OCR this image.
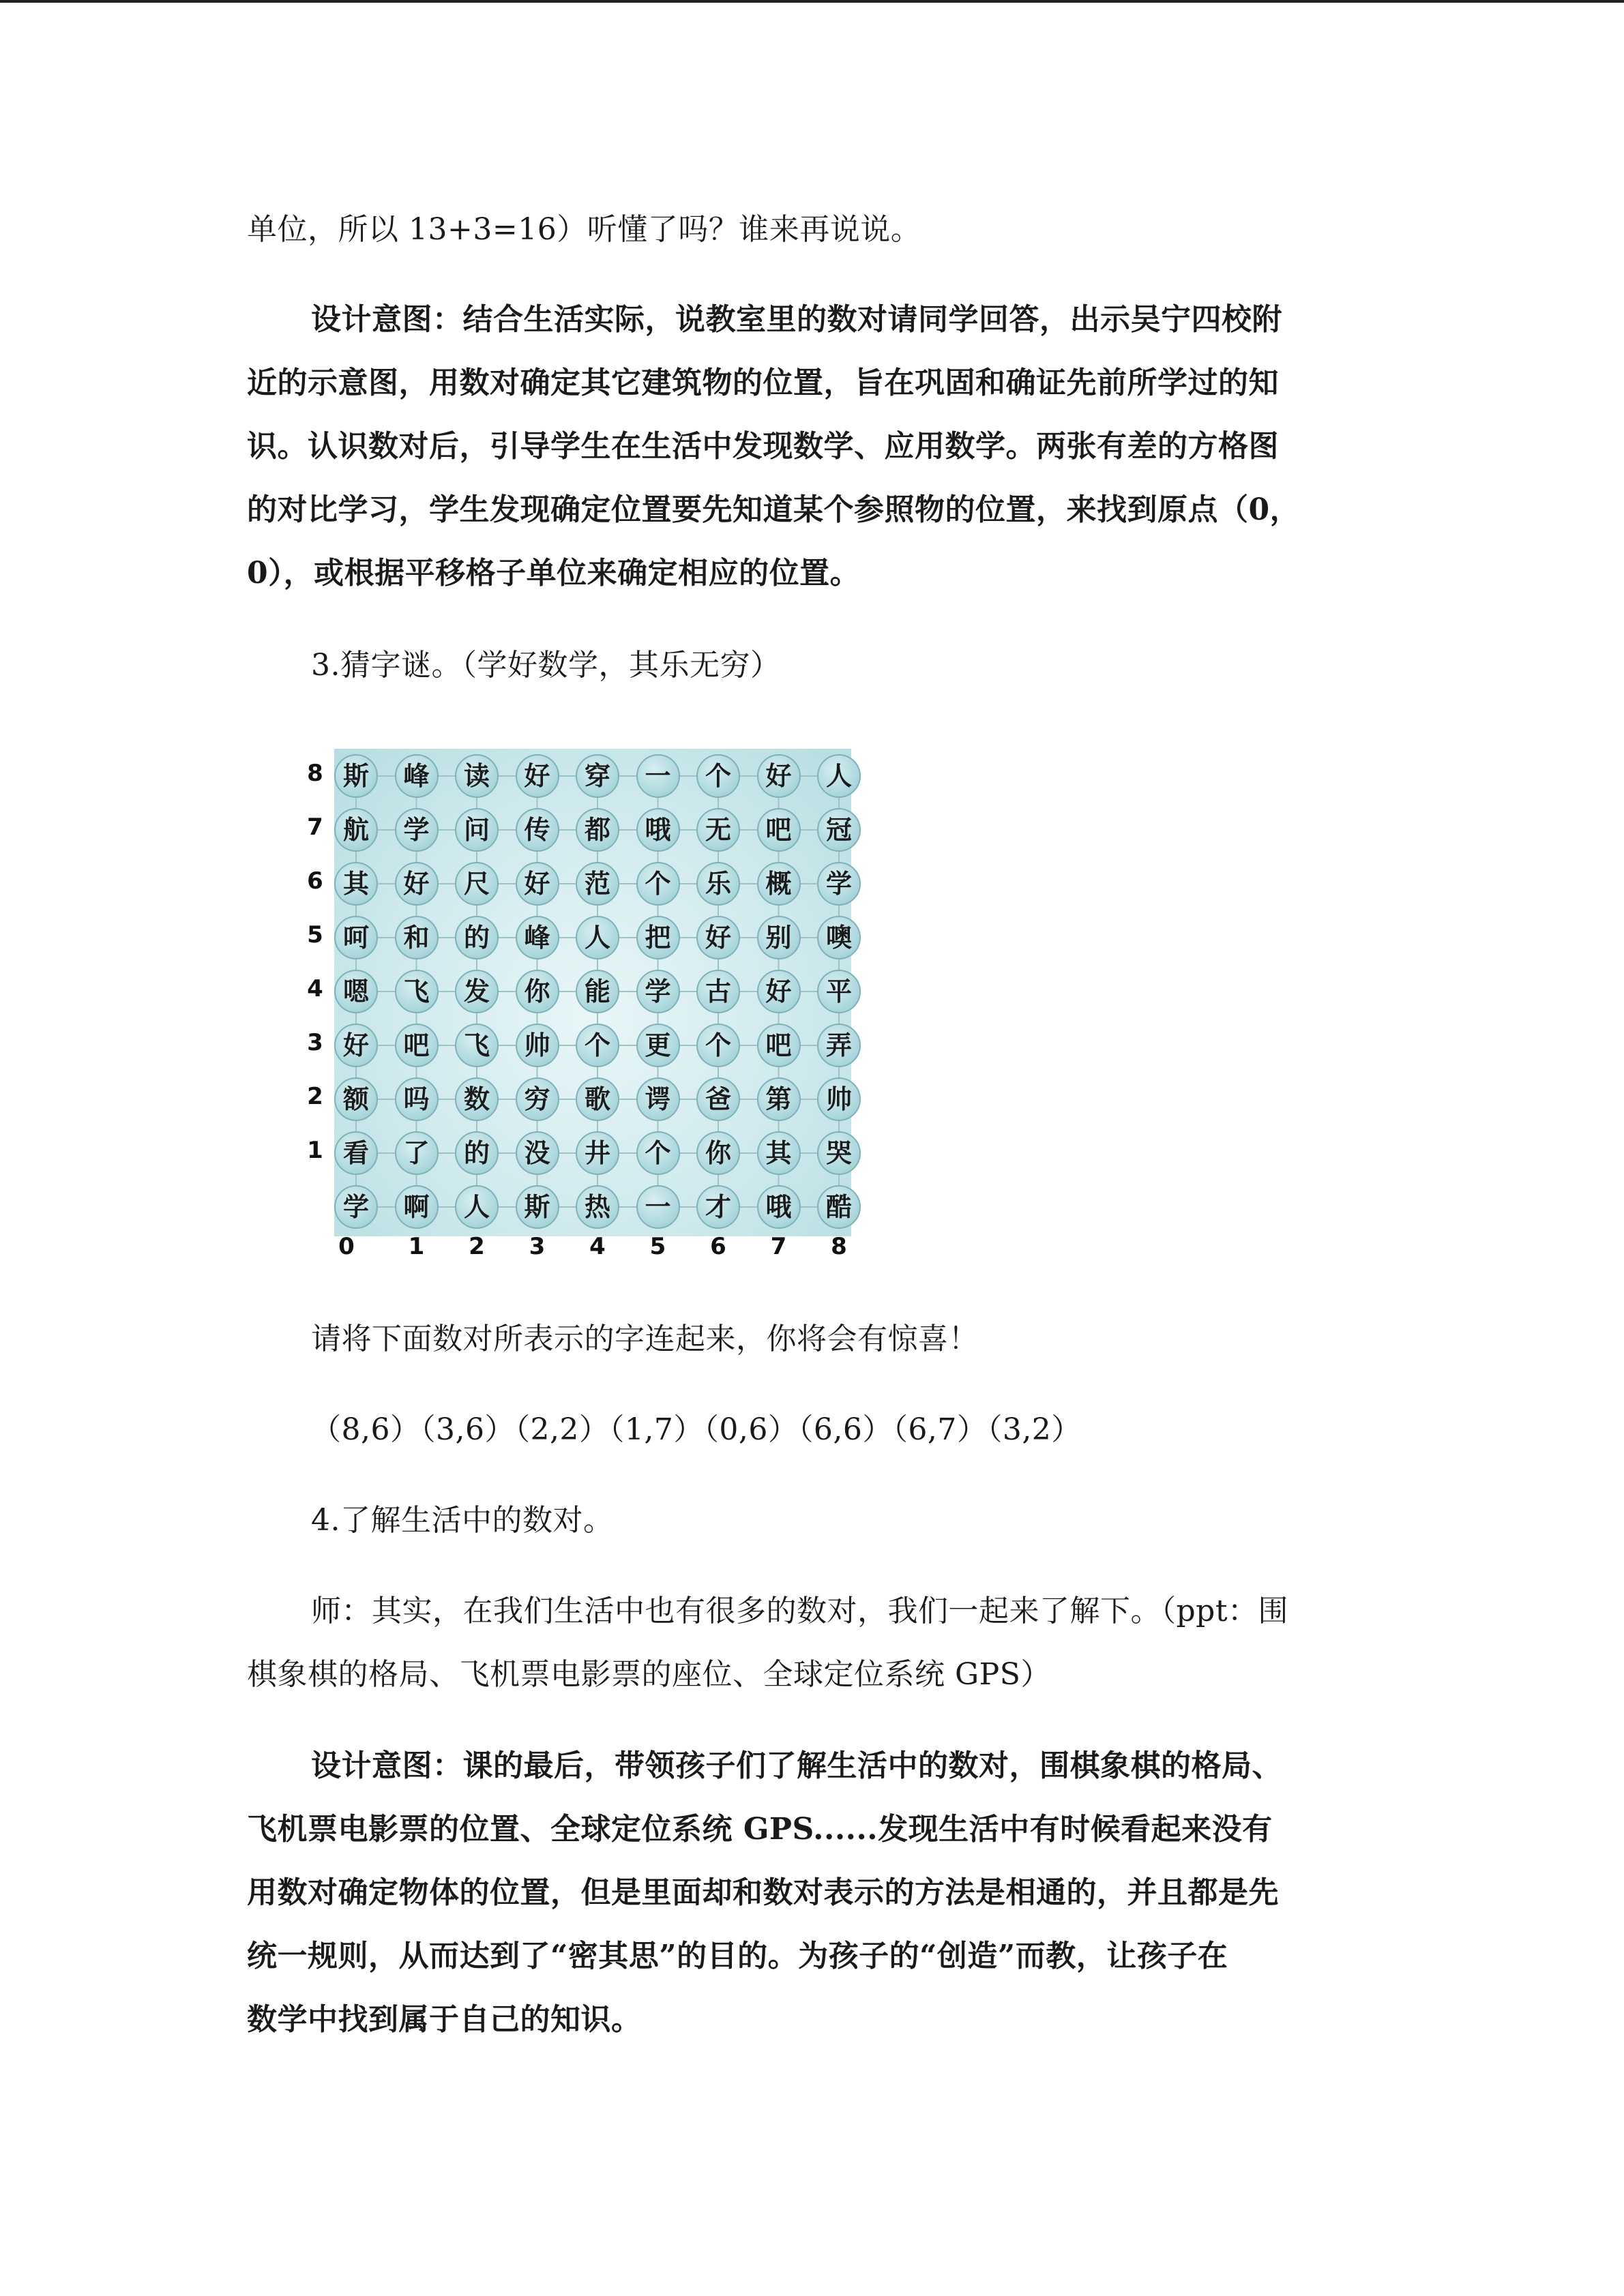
单位，所以 13+3=16）听懂了吗？谁来再说说。
设计意图：结合生活实际，说教室里的数对请同学回答，出示吴宁四校附
近的示意图，用数对确定其它建筑物的位置，旨在巩固和确证先前所学过的知
识。认识数对后，引导学生在生活中发现数学、应用数学。两张有差的方格图
的对比学习，学生发现确定位置要先知道某个参照物的位置，来找到原点（0，
0），或根据平移格子单位来确定相应的位置。
3.猜字谜。（学好数学，其乐无穷）
斯	峰	读	好	穿	一	个	好	人
航	学	问	传	都	哦	无	吧	冠
其	好	尺	好	范	个	乐	概	学
呵	和	的	峰	人	把	好	别	噢
嗯	飞	发	你	能	学	古	好	平
好	吧	飞	帅	个	更	个	吧	弄
额	吗	数	穷	歌	谔	爸	第	帅
看	了	的	没	井	个	你	其	哭
学	啊	人	斯	热	一	才	哦	酷
8
7
6
5
4
3
2
1
0 1 2 3 4 5 6 7 8
请将下面数对所表示的字连起来，你将会有惊喜！
（8,6）（3,6）（2,2）（1,7）（0,6）（6,6）（6,7）（3,2）
4.了解生活中的数对。
师：其实，在我们生活中也有很多的数对，我们一起来了解下。（ppt：围
棋象棋的格局、飞机票电影票的座位、全球定位系统 GPS）
设计意图：课的最后，带领孩子们了解生活中的数对，围棋象棋的格局、
飞机票电影票的位置、全球定位系统 GPS......发现生活中有时候看起来没有
用数对确定物体的位置，但是里面却和数对表示的方法是相通的，并且都是先
统一规则，从而达到了“密其思”的目的。为孩子的“创造”而教，让孩子在
数学中找到属于自己的知识。
